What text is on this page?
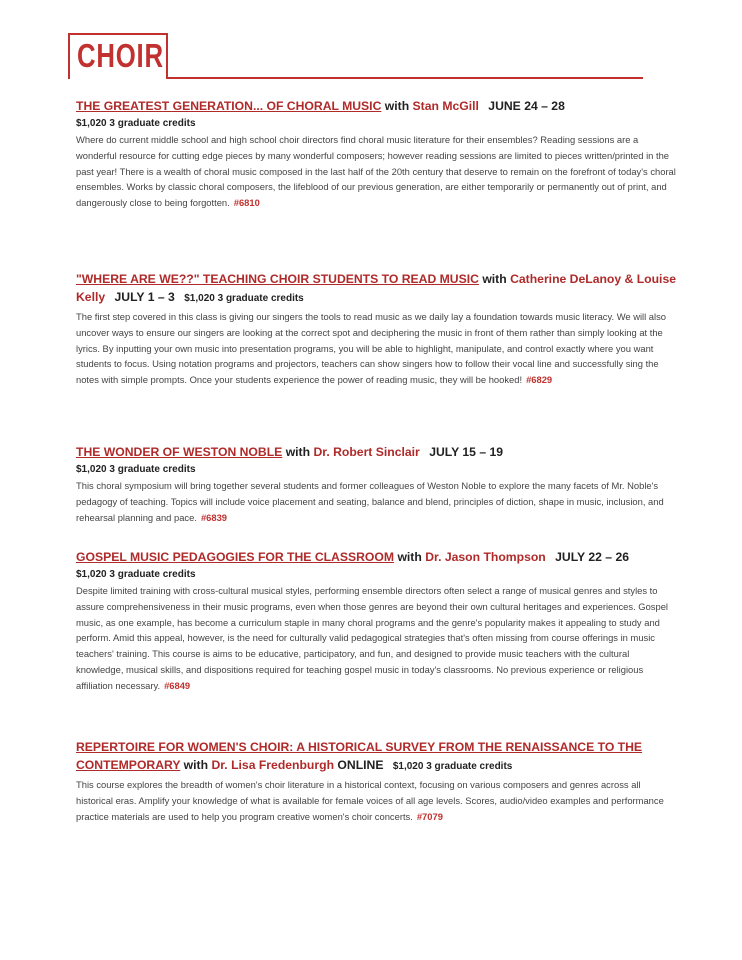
CHOIR
THE GREATEST GENERATION... OF CHORAL MUSIC with Stan McGill JUNE 24 – 28
$1,020 3 graduate credits
Where do current middle school and high school choir directors find choral music literature for their ensembles? Reading sessions are a wonderful resource for cutting edge pieces by many wonderful composers; however reading sessions are limited to pieces written/printed in the past year! There is a wealth of choral music composed in the last half of the 20th century that deserve to remain on the forefront of today's choral ensembles. Works by classic choral composers, the lifeblood of our previous generation, are either temporarily or permanently out of print, and dangerously close to being forgotten. #6810
"WHERE ARE WE??" TEACHING CHOIR STUDENTS TO READ MUSIC with Catherine DeLanoy & Louise Kelly JULY 1 – 3 $1,020 3 graduate credits
The first step covered in this class is giving our singers the tools to read music as we daily lay a foundation towards music literacy. We will also uncover ways to ensure our singers are looking at the correct spot and deciphering the music in front of them rather than simply looking at the lyrics. By inputting your own music into presentation programs, you will be able to highlight, manipulate, and control exactly where you want students to focus. Using notation programs and projectors, teachers can show singers how to follow their vocal line and successfully sing the notes with simple prompts. Once your students experience the power of reading music, they will be hooked! #6829
THE WONDER OF WESTON NOBLE with Dr. Robert Sinclair JULY 15 – 19
$1,020 3 graduate credits
This choral symposium will bring together several students and former colleagues of Weston Noble to explore the many facets of Mr. Noble's pedagogy of teaching. Topics will include voice placement and seating, balance and blend, principles of diction, shape in music, inclusion, and rehearsal planning and pace. #6839
GOSPEL MUSIC PEDAGOGIES FOR THE CLASSROOM with Dr. Jason Thompson JULY 22 – 26
$1,020 3 graduate credits
Despite limited training with cross-cultural musical styles, performing ensemble directors often select a range of musical genres and styles to assure comprehensiveness in their music programs, even when those genres are beyond their own cultural heritages and experiences. Gospel music, as one example, has become a curriculum staple in many choral programs and the genre's popularity makes it appealing to study and perform. Amid this appeal, however, is the need for culturally valid pedagogical strategies that's often missing from course offerings in music teachers' training. This course is aims to be educative, participatory, and fun, and designed to provide music teachers with the cultural knowledge, musical skills, and dispositions required for teaching gospel music in today's classrooms. No previous experience or religious affiliation necessary. #6849
REPERTOIRE FOR WOMEN'S CHOIR: A HISTORICAL SURVEY FROM THE RENAISSANCE TO THE CONTEMPORARY with Dr. Lisa Fredenburgh ONLINE $1,020 3 graduate credits
This course explores the breadth of women's choir literature in a historical context, focusing on various composers and genres across all historical eras. Amplify your knowledge of what is available for female voices of all age levels. Scores, audio/video examples and performance practice materials are used to help you program creative women's choir concerts. #7079
